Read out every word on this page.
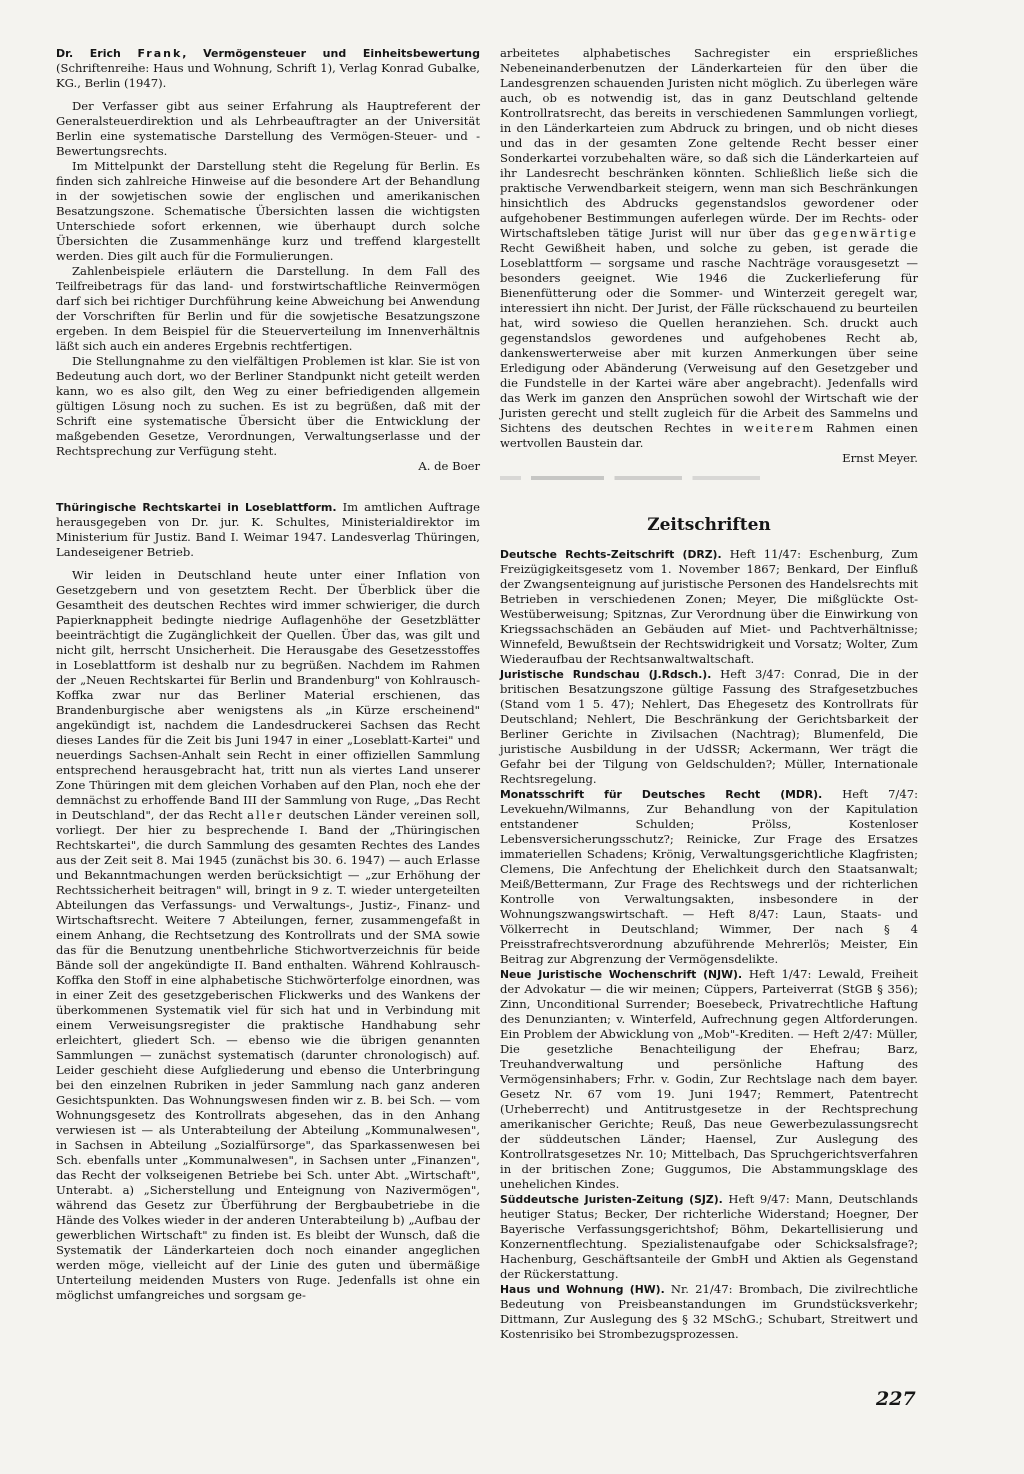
Dr. Erich Frank, Vermögensteuer und Einheitsbewertung (Schriftenreihe: Haus und Wohnung, Schrift 1), Verlag Konrad Gubalke, KG., Berlin (1947).

Der Verfasser gibt aus seiner Erfahrung als Hauptreferent der Generalsteuerdirektion und als Lehrbeauftragter an der Universität Berlin eine systematische Darstellung des Vermögen-Steuer- und -Bewertungsrechts.

Im Mittelpunkt der Darstellung steht die Regelung für Berlin. Es finden sich zahlreiche Hinweise auf die besondere Art der Behandlung in der sowjetischen sowie der englischen und amerikanischen Besatzungszone. Schematische Übersichten lassen die wichtigsten Unterschiede sofort erkennen, wie überhaupt durch solche Übersichten die Zusammenhänge kurz und treffend klargestellt werden. Dies gilt auch für die Formulierungen.

Zahlenbeispiele erläutern die Darstellung. In dem Fall des Teilfreibetrags für das land- und forstwirtschaftliche Reinvermögen darf sich bei richtiger Durchführung keine Abweichung bei Anwendung der Vorschriften für Berlin und für die sowjetische Besatzungszone ergeben. In dem Beispiel für die Steuerverteilung im Innenverhältnis läßt sich auch ein anderes Ergebnis rechtfertigen.

Die Stellungnahme zu den vielfältigen Problemen ist klar. Sie ist von Bedeutung auch dort, wo der Berliner Standpunkt nicht geteilt werden kann, wo es also gilt, den Weg zu einer befriedigenden allgemein gültigen Lösung noch zu suchen. Es ist zu begrüßen, daß mit der Schrift eine systematische Übersicht über die Entwicklung der maßgebenden Gesetze, Verordnungen, Verwaltungserlasse und der Rechtsprechung zur Verfügung steht.

A. de Boer
Thüringische Rechtskartei in Loseblattform. Im amtlichen Auftrage herausgegeben von Dr. jur. K. Schultes, Ministerialdirektor im Ministerium für Justiz. Band I. Weimar 1947. Landesverlag Thüringen, Landeseigener Betrieb.

Wir leiden in Deutschland heute unter einer Inflation von Gesetzgebern und von gesetztem Recht. Der Überblick über die Gesamtheit des deutschen Rechtes wird immer schwieriger, die durch Papierknappheit bedingte niedrige Auflagenhöhe der Gesetzblätter beeinträchtigt die Zugänglichkeit der Quellen. Über das, was gilt und nicht gilt, herrscht Unsicherheit. Die Herausgabe des Gesetzesstoffes in Loseblattform ist deshalb nur zu begrüßen. Nachdem im Rahmen der „Neuen Rechtskartei für Berlin und Brandenburg" von Kohlrausch-Koffka zwar nur das Berliner Material erschienen, das Brandenburgische aber wenigstens als „in Kürze erscheinend" angekündigt ist, nachdem die Landesdruckerei Sachsen das Recht dieses Landes für die Zeit bis Juni 1947 in einer „Loseblatt-Kartei" und neuerdings Sachsen-Anhalt sein Recht in einer offiziellen Sammlung entsprechend herausgebracht hat, tritt nun als viertes Land unserer Zone Thüringen mit dem gleichen Vorhaben auf den Plan, noch ehe der demnächst zu erhoffende Band III der Sammlung von Ruge, „Das Recht in Deutschland", der das Recht aller deutschen Länder vereinen soll, vorliegt. Der hier zu besprechende I. Band der „Thüringischen Rechtskartei", die durch Sammlung des gesamten Rechtes des Landes aus der Zeit seit 8. Mai 1945 (zunächst bis 30. 6. 1947) — auch Erlasse und Bekanntmachungen werden berücksichtigt — „zur Erhöhung der Rechtssicherheit beitragen" will, bringt in 9 z. T. wieder untergeteilten Abteilungen das Verfassungs- und Verwaltungs-, Justiz-, Finanz- und Wirtschaftsrecht. Weitere 7 Abteilungen, ferner, zusammengefaßt in einem Anhang, die Rechtsetzung des Kontrollrats und der SMA sowie das für die Benutzung unentbehrliche Stichwortverzeichnis für beide Bände soll der angekündigte II. Band enthalten. Während Kohlrausch-Koffka den Stoff in eine alphabetische Stichwörterfolge einordnen, was in einer Zeit des gesetzgeberischen Flickwerks und des Wankens der überkommenen Systematik viel für sich hat und in Verbindung mit einem Verweisungsregister die praktische Handhabung sehr erleichtert, gliedert Sch. — ebenso wie die übrigen genannten Sammlungen — zunächst systematisch (darunter chronologisch) auf. Leider geschieht diese Aufgliederung und ebenso die Unterbringung bei den einzelnen Rubriken in jeder Sammlung nach ganz anderen Gesichtspunkten. Das Wohnungswesen finden wir z. B. bei Sch. — vom Wohnungsgesetz des Kontrollrats abgesehen, das in den Anhang verwiesen ist — als Unterabteilung der Abteilung „Kommunalwesen", in Sachsen in Abteilung „Sozialfürsorge", das Sparkassenwesen bei Sch. ebenfalls unter „Kommunalwesen", in Sachsen unter „Finanzen", das Recht der volkseigenen Betriebe bei Sch. unter Abt. „Wirtschaft", Unterabt. a) „Sicherstellung und Enteignung von Nazivermögen", während das Gesetz zur Überführung der Bergbaubetriebe in die Hände des Volkes wieder in der anderen Unterabteilung b) „Aufbau der gewerblichen Wirtschaft" zu finden ist. Es bleibt der Wunsch, daß die Systematik der Länderkarteien doch noch einander angeglichen werden möge, vielleicht auf der Linie des guten und übermäßige Unterteilung meidenden Musters von Ruge. Jedenfalls ist ohne ein möglichst umfangreiches und sorgsam ge-

arbeitetes alphabetisches Sachregister ein ersprießliches Nebeneinanderbenutzen der Länderkarteien für den über die Landesgrenzen schauenden Juristen nicht möglich. Zu überlegen wäre auch, ob es notwendig ist, das in ganz Deutschland geltende Kontrollratsrecht, das bereits in verschiedenen Sammlungen vorliegt, in den Länderkarteien zum Abdruck zu bringen, und ob nicht dieses und das in der gesamten Zone geltende Recht besser einer Sonderkartei vorzubehalten wäre, so daß sich die Länderkarteien auf ihr Landesrecht beschränken könnten. Schließlich ließe sich die praktische Verwendbarkeit steigern, wenn man sich Beschränkungen hinsichtlich des Abdrucks gegenstandslos gewordener oder aufgehobener Bestimmungen auferlegen würde. Der im Rechts- oder Wirtschaftsleben tätige Jurist will nur über das gegenwärtige Recht Gewißheit haben, und solche zu geben, ist gerade die Loseblattform — sorgsame und rasche Nachträge vorausgesetzt — besonders geeignet. Wie 1946 die Zuckerlieferung für Bienenfütterung oder die Sommer- und Winterzeit geregelt war, interessiert ihn nicht. Der Jurist, der Fälle rückschauend zu beurteilen hat, wird sowieso die Quellen heranziehen. Sch. druckt auch gegenstandslos gewordenes und aufgehobenes Recht ab, dankenswerterweise aber mit kurzen Anmerkungen über seine Erledigung oder Abänderung (Verweisung auf den Gesetzgeber und die Fundstelle in der Kartei wäre aber angebracht). Jedenfalls wird das Werk im ganzen den Ansprüchen sowohl der Wirtschaft wie der Juristen gerecht und stellt zugleich für die Arbeit des Sammelns und Sichtens des deutschen Rechtes in weiterem Rahmen einen wertvollen Baustein dar.

Ernst Meyer.
Zeitschriften

Deutsche Rechts-Zeitschrift (DRZ). Heft 11/47: Eschenburg, Zum Freizügigkeitsgesetz vom 1. November 1867; Benkard, Der Einfluß der Zwangsenteignung auf juristische Personen des Handelsrechts mit Betrieben in verschiedenen Zonen; Meyer, Die mißglückte Ost-Westüberweisung; Spitznas, Zur Verordnung über die Einwirkung von Kriegssachschäden an Gebäuden auf Miet- und Pachtverhältnisse; Winnefeld, Bewußtsein der Rechtswidrigkeit und Vorsatz; Wolter, Zum Wiederaufbau der Rechtsanwaltwaltschaft.

Juristische Rundschau (J.Rdsch.). Heft 3/47: Conrad, Die in der britischen Besatzungszone gültige Fassung des Strafgesetzbuches (Stand vom 1 5. 47); Nehlert, Das Ehegesetz des Kontrollrats für Deutschland; Nehlert, Die Beschränkung der Gerichtsbarkeit der Berliner Gerichte in Zivilsachen (Nachtrag); Blumenfeld, Die juristische Ausbildung in der UdSSR; Ackermann, Wer trägt die Gefahr bei der Tilgung von Geldschulden?; Müller, Internationale Rechtsregelung.

Monatsschrift für Deutsches Recht (MDR). Heft 7/47: Levekuehn/Wilmanns, Zur Behandlung von der Kapitulation entstandener Schulden; Prölss, Kostenloser Lebensversicherungsschutz?; Reinicke, Zur Frage des Ersatzes immateriellen Schadens; Krönig, Verwaltungsgerichtliche Klagfristen; Clemens, Die Anfechtung der Ehelichkeit durch den Staatsanwalt; Meiß/Bettermann, Zur Frage des Rechtswegs und der richterlichen Kontrolle von Verwaltungsakten, insbesondere in der Wohnungszwangswirtschaft. — Heft 8/47: Laun, Staats- und Völkerrecht in Deutschland; Wimmer, Der nach § 4 Preisstrafrechtsverordnung abzuführende Mehrerlös; Meister, Ein Beitrag zur Abgrenzung der Vermögensdelikte.

Neue Juristische Wochenschrift (NJW). Heft 1/47: Lewald, Freiheit der Advokatur — die wir meinen; Cüppers, Parteiverrat (StGB § 356); Zinn, Unconditional Surrender; Boesebeck, Privatrechtliche Haftung des Denunzianten; v. Winterfeld, Aufrechnung gegen Altforderungen. Ein Problem der Abwicklung von „Mob"-Krediten. — Heft 2/47: Müller, Die gesetzliche Benachteiligung der Ehefrau; Barz, Treuhandverwaltung und persönliche Haftung des Vermögensinhabers; Frhr. v. Godin, Zur Rechtslage nach dem bayer. Gesetz Nr. 67 vom 19. Juni 1947; Remmert, Patentrecht (Urheberrecht) und Antitrustgesetze in der Rechtsprechung amerikanischer Gerichte; Reuß, Das neue Gewerbezulassungsrecht der süddeutschen Länder; Haensel, Zur Auslegung des Kontrollratsgesetzes Nr. 10; Mittelbach, Das Spruchgerichtsverfahren in der britischen Zone; Guggumos, Die Abstammungsklage des unehelichen Kindes.

Süddeutsche Juristen-Zeitung (SJZ). Heft 9/47: Mann, Deutschlands heutiger Status; Becker, Der richterliche Widerstand; Hoegner, Der Bayerische Verfassungsgerichtshof; Böhm, Dekartellisierung und Konzernentflechtung. Spezialistenaufgabe oder Schicksalsfrage?; Hachenburg, Geschäftsanteile der GmbH und Aktien als Gegenstand der Rückerstattung.

Haus und Wohnung (HW). Nr. 21/47: Brombach, Die zivilrechtliche Bedeutung von Preisbeanstandungen im Grundstücksverkehr; Dittmann, Zur Auslegung des § 32 MSchG.; Schubart, Streitwert und Kostenrisiko bei Strombezugsprozessen.

227
